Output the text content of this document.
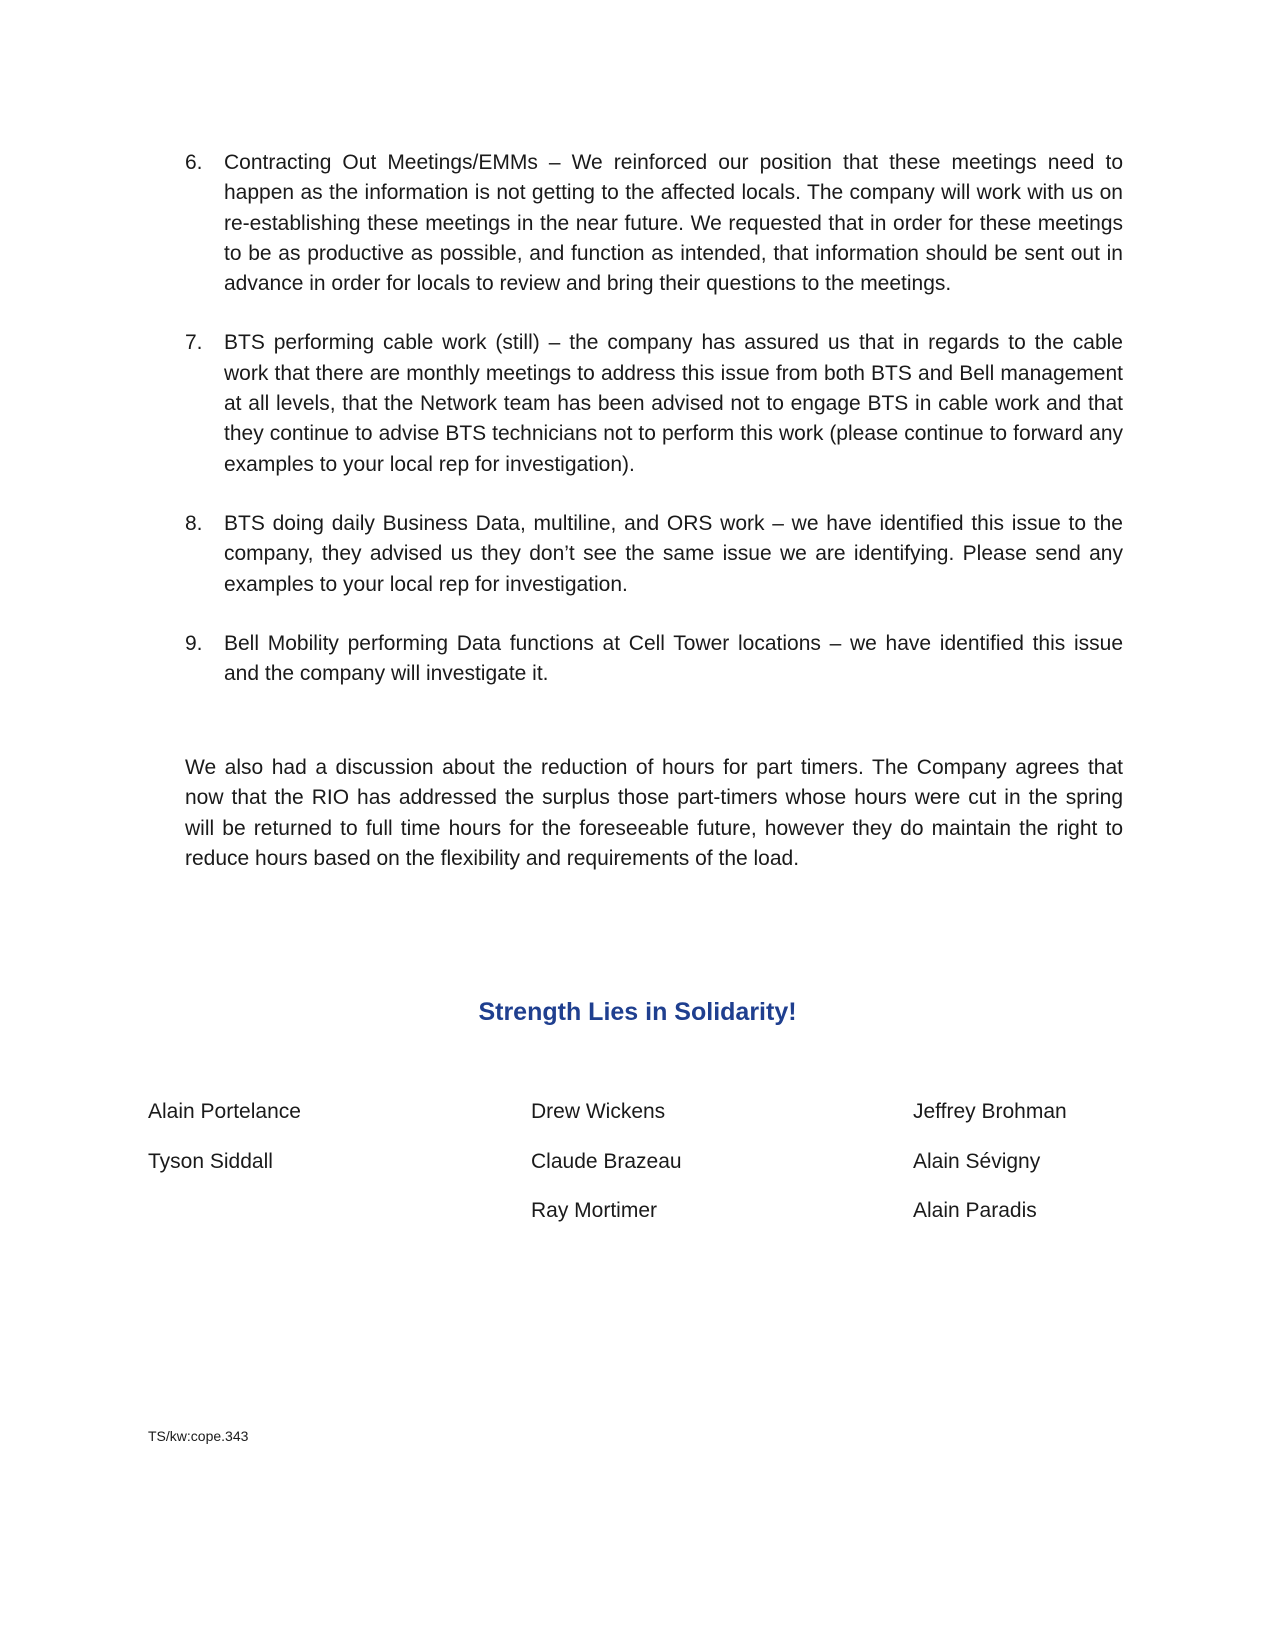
6. Contracting Out Meetings/EMMs – We reinforced our position that these meetings need to happen as the information is not getting to the affected locals. The company will work with us on re-establishing these meetings in the near future. We requested that in order for these meetings to be as productive as possible, and function as intended, that information should be sent out in advance in order for locals to review and bring their questions to the meetings.
7. BTS performing cable work (still) – the company has assured us that in regards to the cable work that there are monthly meetings to address this issue from both BTS and Bell management at all levels, that the Network team has been advised not to engage BTS in cable work and that they continue to advise BTS technicians not to perform this work (please continue to forward any examples to your local rep for investigation).
8. BTS doing daily Business Data, multiline, and ORS work – we have identified this issue to the company, they advised us they don’t see the same issue we are identifying. Please send any examples to your local rep for investigation.
9. Bell Mobility performing Data functions at Cell Tower locations – we have identified this issue and the company will investigate it.

We also had a discussion about the reduction of hours for part timers. The Company agrees that now that the RIO has addressed the surplus those part-timers whose hours were cut in the spring will be returned to full time hours for the foreseeable future, however they do maintain the right to reduce hours based on the flexibility and requirements of the load.

Strength Lies in Solidarity!
Alain Portelance
Tyson Siddall
Drew Wickens
Claude Brazeau
Ray Mortimer
Jeffrey Brohman
Alain Sévigny
Alain Paradis
TS/kw:cope.343
